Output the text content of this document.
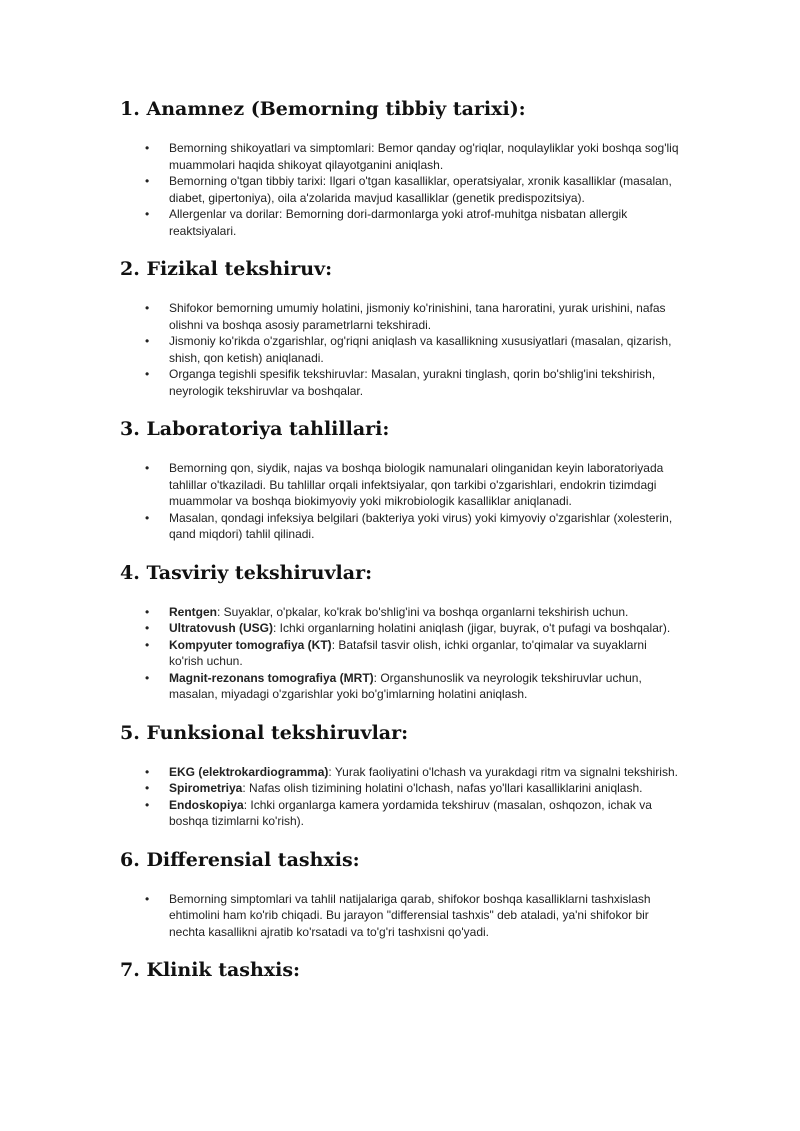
1. Anamnez (Bemorning tibbiy tarixi):
• Bemorning shikoyatlari va simptomlari: Bemor qanday og'riqlar, noqulayliklar yoki boshqa sog'liq muammolari haqida shikoyat qilayotganini aniqlash.
• Bemorning o'tgan tibbiy tarixi: Ilgari o'tgan kasalliklar, operatsiyalar, xronik kasalliklar (masalan, diabet, gipertoniya), oila a'zolarida mavjud kasalliklar (genetik predispozitsiya).
• Allergenlar va dorilar: Bemorning dori-darmonlarga yoki atrof-muhitga nisbatan allergik reaktsiyalari.
2. Fizikal tekshiruv:
• Shifokor bemorning umumiy holatini, jismoniy ko'rinishini, tana haroratini, yurak urishini, nafas olishni va boshqa asosiy parametrlarni tekshiradi.
• Jismoniy ko'rikda o'zgarishlar, og'riqni aniqlash va kasallikning xususiyatlari (masalan, qizarish, shish, qon ketish) aniqlanadi.
• Organga tegishli spesifik tekshiruvlar: Masalan, yurakni tinglash, qorin bo'shlig'ini tekshirish, neyrologik tekshiruvlar va boshqalar.
3. Laboratoriya tahlillari:
• Bemorning qon, siydik, najas va boshqa biologik namunalari olinganidan keyin laboratoriyada tahlillar o'tkaziladi. Bu tahlillar orqali infektsiyalar, qon tarkibi o'zgarishlari, endokrin tizimdagi muammolar va boshqa biokimyoviy yoki mikrobiologik kasalliklar aniqlanadi.
• Masalan, qondagi infeksiya belgilari (bakteriya yoki virus) yoki kimyoviy o'zgarishlar (xolesterin, qand miqdori) tahlil qilinadi.
4. Tasviriy tekshiruvlar:
• Rentgen: Suyaklar, o'pkalar, ko'krak bo'shlig'ini va boshqa organlarni tekshirish uchun.
• Ultratovush (USG): Ichki organlarning holatini aniqlash (jigar, buyrak, o't pufagi va boshqalar).
• Kompyuter tomografiya (KT): Batafsil tasvir olish, ichki organlar, to'qimalar va suyaklarni ko'rish uchun.
• Magnit-rezonans tomografiya (MRT): Organshunoslik va neyrologik tekshiruvlar uchun, masalan, miyadagi o'zgarishlar yoki bo'g'imlarning holatini aniqlash.
5. Funksional tekshiruvlar:
• EKG (elektrokardiogramma): Yurak faoliyatini o'lchash va yurakdagi ritm va signalni tekshirish.
• Spirometriya: Nafas olish tizimining holatini o'lchash, nafas yo'llari kasalliklarini aniqlash.
• Endoskopiya: Ichki organlarga kamera yordamida tekshiruv (masalan, oshqozon, ichak va boshqa tizimlarni ko'rish).
6. Differensial tashxis:
• Bemorning simptomlari va tahlil natijalariga qarab, shifokor boshqa kasalliklarni tashxislash ehtimolini ham ko'rib chiqadi. Bu jarayon "differensial tashxis" deb ataladi, ya'ni shifokor bir nechta kasallikni ajratib ko'rsatadi va to'g'ri tashxisni qo'yadi.
7. Klinik tashxis:
